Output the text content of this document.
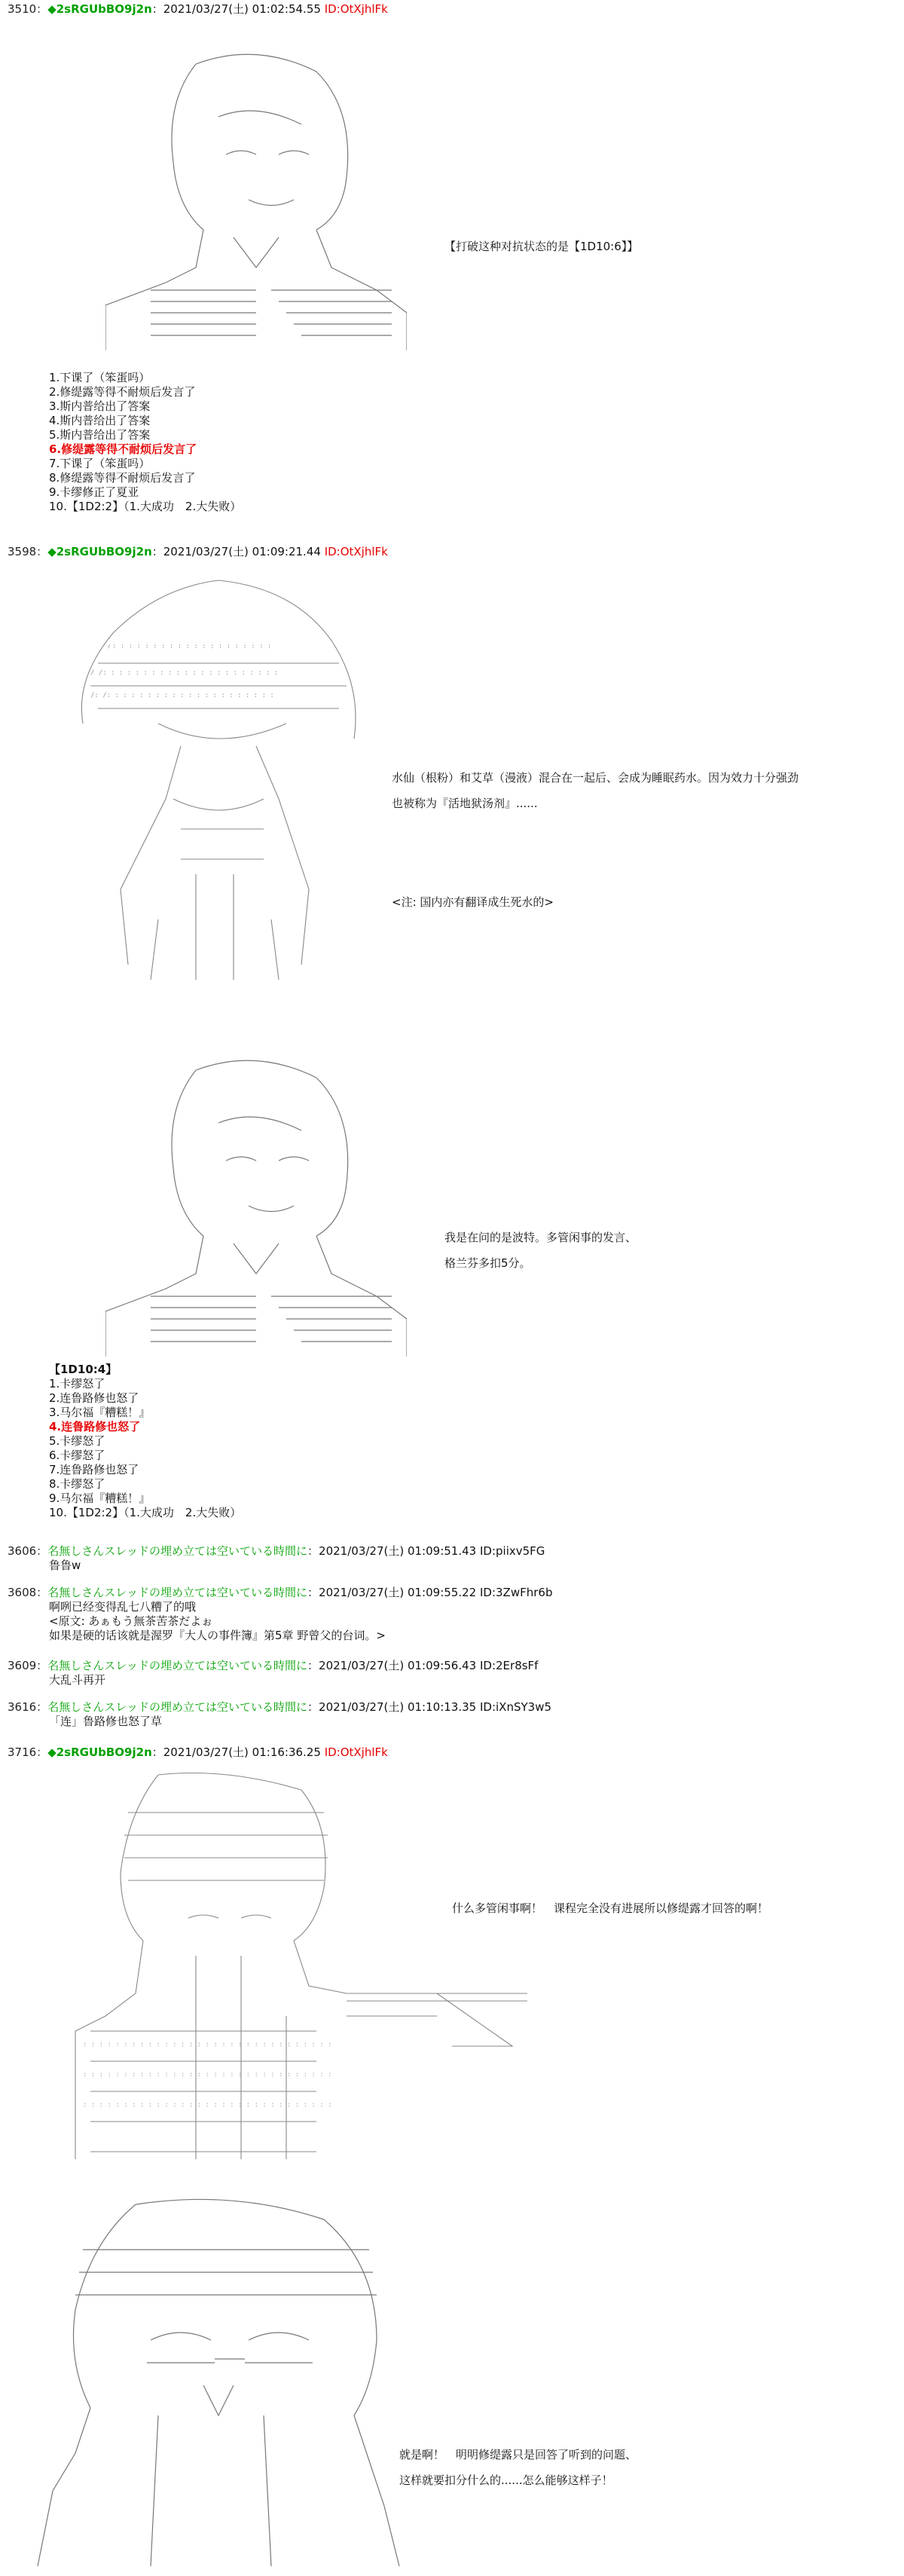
3510：◆2sRGUbBO9j2n：2021/03/27(土) 01:02:54.55 ID:OtXjhlFk
【打破这种对抗状态的是【1D10:6】】
1.下课了（笨蛋吗）
2.修缇露等得不耐烦后发言了
3.斯内普给出了答案
4.斯内普给出了答案
5.斯内普给出了答案
6.修缇露等得不耐烦后发言了
7.下课了（笨蛋吗）
8.修缇露等得不耐烦后发言了
9.卡缪修正了夏亚
10.【1D2:2】（1.大成功　2.大失败）
3598：◆2sRGUbBO9j2n：2021/03/27(土) 01:09:21.44 ID:OtXjhlFk
ィ: : : : : : : : : : : : : : : : : : : :
/ /: : : : : : : : : : : : : : : : : : : : : :
/: /: : : : : : : : : : : : : : : : : : : : :
水仙（根粉）和艾草（漫液）混合在一起后、会成为睡眠药水。因为效力十分强劲
也被称为『活地狱汤剂』......
<注: 国内亦有翻译成生死水的>
我是在问的是波特。多管闲事的发言、
格兰芬多扣5分。
【1D10:4】
1.卡缪怒了
2.连鲁路修也怒了
3.马尔福『糟糕！』
4.连鲁路修也怒了
5.卡缪怒了
6.卡缪怒了
7.连鲁路修也怒了
8.卡缪怒了
9.马尔福『糟糕！』
10.【1D2:2】（1.大成功　2.大失败）
3606：名無しさんスレッドの埋め立ては空いている時間に：2021/03/27(土) 01:09:51.43 ID:piixv5FG
鲁鲁w
3608：名無しさんスレッドの埋め立ては空いている時間に：2021/03/27(土) 01:09:55.22 ID:3ZwFhr6b
啊咧已经变得乱七八糟了的哦
<原文: あぁもう無茶苦茶だよぉ
如果是硬的话该就是渥罗『大人の事件簿』第5章 野曾父的台词。>
3609：名無しさんスレッドの埋め立ては空いている時間に：2021/03/27(土) 01:09:56.43 ID:2Er8sFf
大乱斗再开
3616：名無しさんスレッドの埋め立ては空いている時間に：2021/03/27(土) 01:10:13.35 ID:iXnSY3w5
「连」鲁路修也怒了草
3716：◆2sRGUbBO9j2n：2021/03/27(土) 01:16:36.25 ID:OtXjhlFk
: : : : : : : : : : : : : : : : : : : : : : : : : : : : : : :
: : : : : : : : : : : : : : : : : : : : : : : : : : : : : : :
: : : : : : : : : : : : : : : : : : : : : : : : : : : : : : :
什么多管闲事啊！　课程完全没有进展所以修缇露才回答的啊！
就是啊！　明明修缇露只是回答了听到的问题、
这样就要扣分什么的......怎么能够这样子！
